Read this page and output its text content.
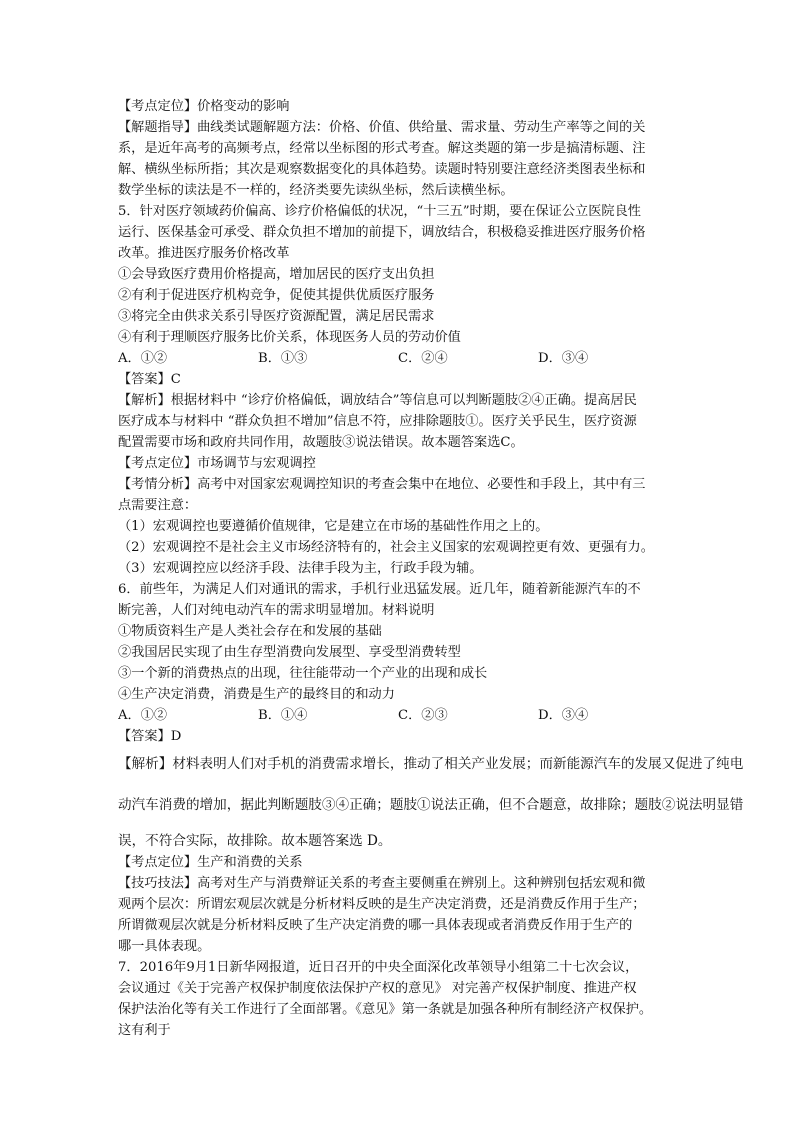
【考点定位】价格变动的影响
【解题指导】曲线类试题解题方法：价格、价值、供给量、需求量、劳动生产率等之间的关
系，是近年高考的高频考点，经常以坐标图的形式考查。解这类题的第一步是搞清标题、注
解、横纵坐标所指；其次是观察数据变化的具体趋势。读题时特别要注意经济类图表坐标和
数学坐标的读法是不一样的，经济类要先读纵坐标，然后读横坐标。
5．针对医疗领域药价偏高、诊疗价格偏低的状况，“十三五”时期，要在保证公立医院良性
运行、医保基金可承受、群众负担不增加的前提下，调放结合，积极稳妥推进医疗服务价格
改革。推进医疗服务价格改革
①会导致医疗费用价格提高，增加居民的医疗支出负担
②有利于促进医疗机构竞争，促使其提供优质医疗服务
③将完全由供求关系引导医疗资源配置，满足居民需求
④有利于理顺医疗服务比价关系，体现医务人员的劳动价值
A．①②	B．①③	C．②④	D．③④
【答案】C
【解析】根据材料中 “诊疗价格偏低，调放结合”等信息可以判断题肢②④正确。提高居民
医疗成本与材料中 “群众负担不增加”信息不符，应排除题肢①。医疗关乎民生，医疗资源
配置需要市场和政府共同作用，故题肢③说法错误。故本题答案选C。
【考点定位】市场调节与宏观调控
【考情分析】高考中对国家宏观调控知识的考查会集中在地位、必要性和手段上，其中有三
点需要注意：
（1）宏观调控也要遵循价值规律，它是建立在市场的基础性作用之上的。
（2）宏观调控不是社会主义市场经济特有的，社会主义国家的宏观调控更有效、更强有力。
（3）宏观调控应以经济手段、法律手段为主，行政手段为辅。
6．前些年，为满足人们对通讯的需求，手机行业迅猛发展。近几年，随着新能源汽车的不
断完善，人们对纯电动汽车的需求明显增加。材料说明
①物质资料生产是人类社会存在和发展的基础
②我国居民实现了由生存型消费向发展型、享受型消费转型
③一个新的消费热点的出现，往往能带动一个产业的出现和成长
④生产决定消费，消费是生产的最终目的和动力
A．①②	B．①④	C．②③	D．③④
【答案】D
【解析】材料表明人们对手机的消费需求增长，推动了相关产业发展；而新能源汽车的发展又促进了纯电
动汽车消费的增加，据此判断题肢③④正确；题肢①说法正确，但不合题意，故排除；题肢②说法明显错
误，不符合实际，故排除。故本题答案选 D。
【考点定位】生产和消费的关系
【技巧技法】高考对生产与消费辩证关系的考查主要侧重在辨别上。这种辨别包括宏观和微
观两个层次：所谓宏观层次就是分析材料反映的是生产决定消费，还是消费反作用于生产；
所谓微观层次就是分析材料反映了生产决定消费的哪一具体表现或者消费反作用于生产的
哪一具体表现。
7．2016年9月1日新华网报道，近日召开的中央全面深化改革领导小组第二十七次会议，
会议通过《关于完善产权保护制度依法保护产权的意见》 对完善产权保护制度、推进产权
保护法治化等有关工作进行了全面部署。《意见》第一条就是加强各种所有制经济产权保护。
这有利于
